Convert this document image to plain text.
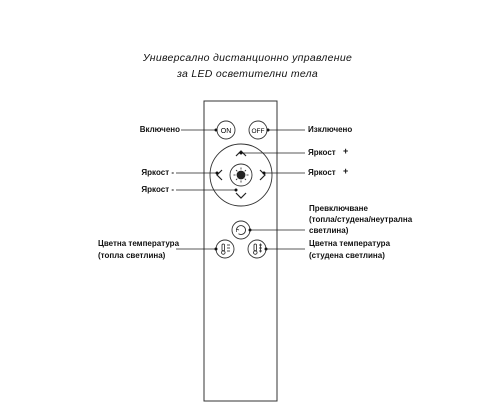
Универсално дистанционно управление
за LED осветителни тела
ON	OFF
Включено	Изключено
Яркост +
Яркост -	Яркост +
Яркост -
Превключване
(топла/студена/неутрална
светлина)
Цветна температура
(топла светлина)
Цветна температура
(студена светлина)
